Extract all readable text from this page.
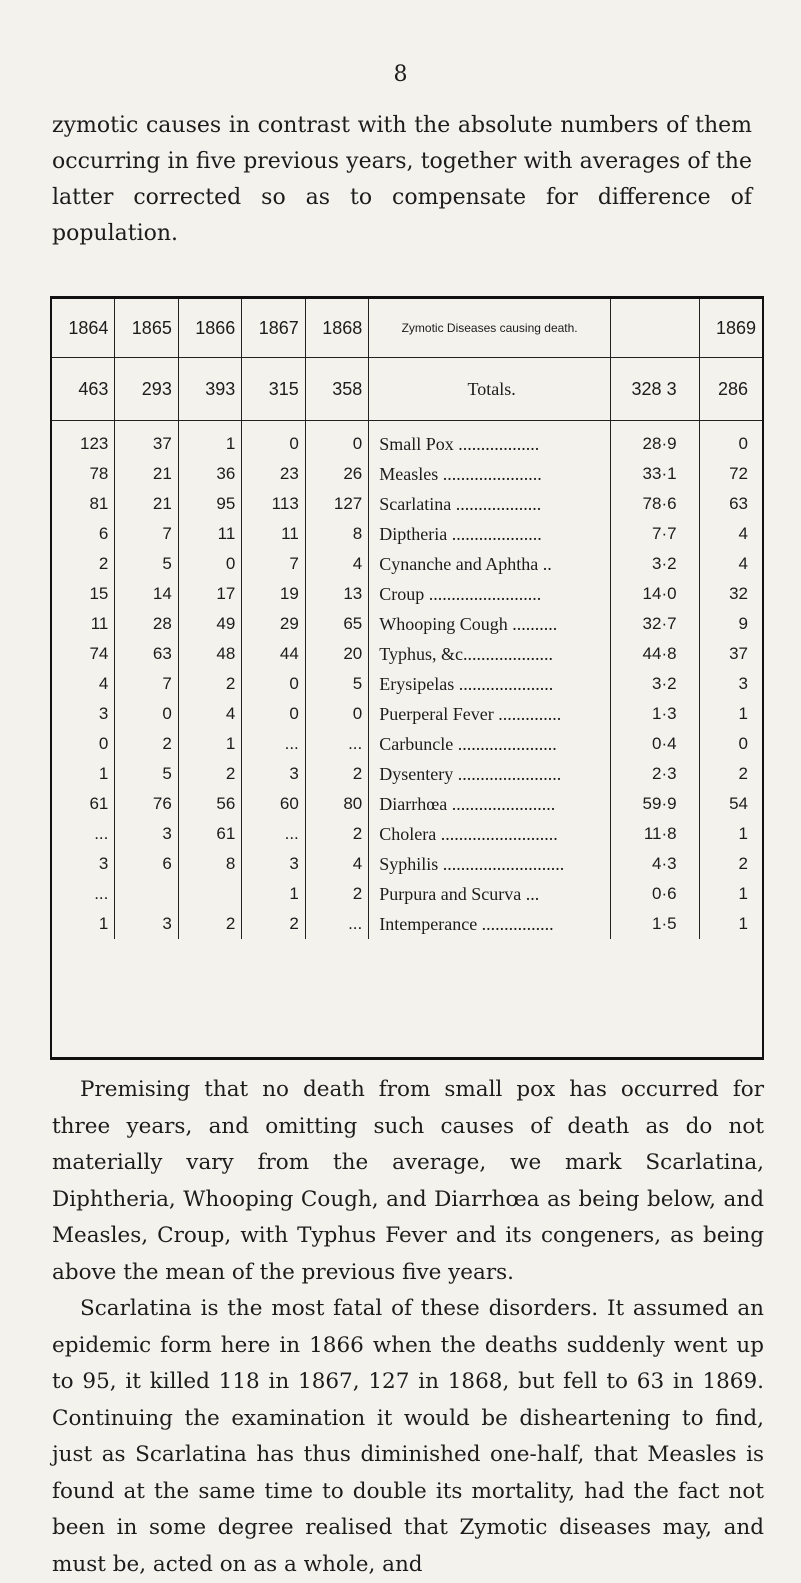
8

zymotic causes in contrast with the absolute numbers of them occurring in five previous years, together with averages of the latter corrected so as to compensate for difference of population.

1864	1865	1866	1867	1868	Zymotic Diseases causing death.		1869
463	293	393	315	358	Totals.	328 3	286
123	37	1	0	0	Small Pox ..................	28·9	0
78	21	36	23	26	Measles ......................	33·1	72
81	21	95	113	127	Scarlatina ...................	78·6	63
6	7	11	11	8	Diptheria ....................	7·7	4
2	5	0	7	4	Cynanche and Aphtha ..	3·2	4
15	14	17	19	13	Croup .........................	14·0	32
11	28	49	29	65	Whooping Cough ..........	32·7	9
74	63	48	44	20	Typhus, &c....................	44·8	37
4	7	2	0	5	Erysipelas .....................	3·2	3
3	0	4	0	0	Puerperal Fever ..............	1·3	1
0	2	1	...	...	Carbuncle ......................	0·4	0
1	5	2	3	2	Dysentery .......................	2·3	2
61	76	56	60	80	Diarrhœa .......................	59·9	54
...	3	61	...	2	Cholera ..........................	11·8	1
3	6	8	3	4	Syphilis ...........................	4·3	2
...			1	2	Purpura and Scurva ...	0·6	1
1	3	2	2	...	Intemperance ................	1·5	1

Premising that no death from small pox has occurred for three years, and omitting such causes of death as do not materially vary from the average, we mark Scarlatina, Diphtheria, Whooping Cough, and Diarrhœa as being below, and Measles, Croup, with Typhus Fever and its congeners, as being above the mean of the previous five years.

Scarlatina is the most fatal of these disorders. It assumed an epidemic form here in 1866 when the deaths suddenly went up to 95, it killed 118 in 1867, 127 in 1868, but fell to 63 in 1869. Continuing the examination it would be disheartening to find, just as Scarlatina has thus diminished one-half, that Measles is found at the same time to double its mortality, had the fact not been in some degree realised that Zymotic diseases may, and must be, acted on as a whole, and
